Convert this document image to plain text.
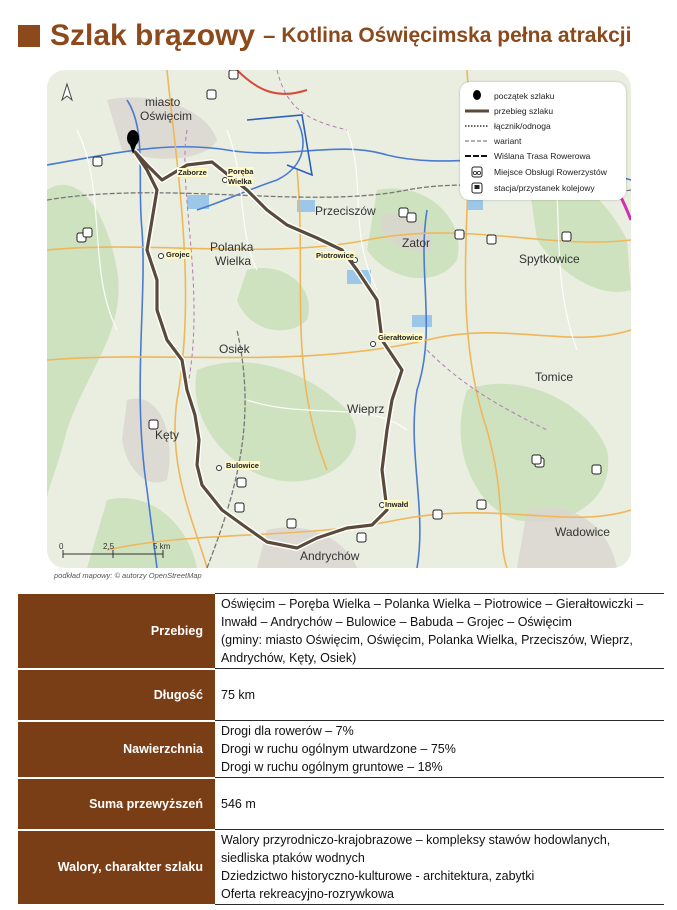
Szlak brązowy – Kotlina Oświęcimska pełna atrakcji
miasto
Oświęcim
Polanka
Wielka
Przeciszów
Zator
Spytkowice
Osiek
Tomice
Wieprz
Kęty
Andrychów
Wadowice
Zaborze	Poręba
Wielka
Grojec	Piotrowice
Gierałtowice
Bulowice
Inwałd
0	2,5	5 km
początek szlaku
przebieg szlaku
łącznik/odnoga
wariant
Wiślana Trasa Rowerowa
Miejsce Obsługi Rowerzystów
stacja/przystanek kolejowy
podkład mapowy: © autorzy OpenStreetMap
Przebieg	Oświęcim – Poręba Wielka – Polanka Wielka – Piotrowice – Gierałtowiczki –
Inwałd – Andrychów – Bulowice – Babuda – Grojec – Oświęcim
(gminy: miasto Oświęcim, Oświęcim, Polanka Wielka, Przeciszów, Wieprz,
Andrychów, Kęty, Osiek)

Długość	75 km

Nawierzchnia	Drogi dla rowerów – 7%
Drogi w ruchu ogólnym utwardzone – 75%
Drogi w ruchu ogólnym gruntowe – 18%

Suma przewyższeń	546 m

Walory, charakter szlaku	Walory przyrodniczo-krajobrazowe – kompleksy stawów hodowlanych,
siedliska ptaków wodnych
Dziedzictwo historyczno-kulturowe - architektura, zabytki
Oferta rekreacyjno-rozrywkowa
